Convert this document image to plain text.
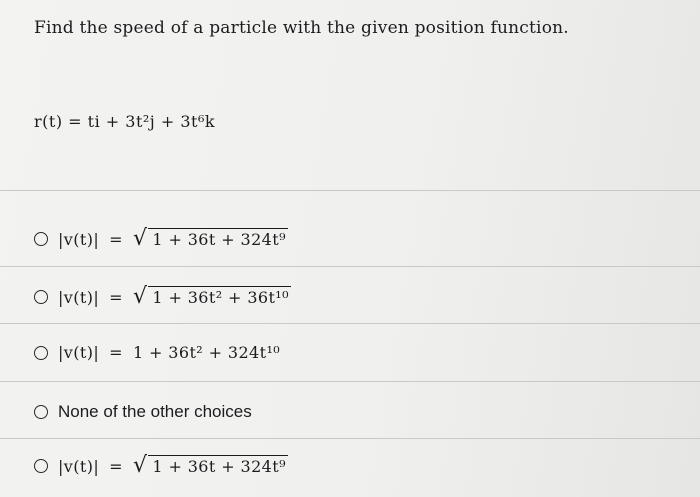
Find the speed of a particle with the given position function.
r(t) = ti + 3t²j + 3t⁶k
|v(t)| = √ 1 + 36t + 324t⁹
|v(t)| = √ 1 + 36t² + 36t¹⁰
|v(t)| = 1 + 36t² + 324t¹⁰
None of the other choices
|v(t)| = √ 1 + 36t + 324t⁹
